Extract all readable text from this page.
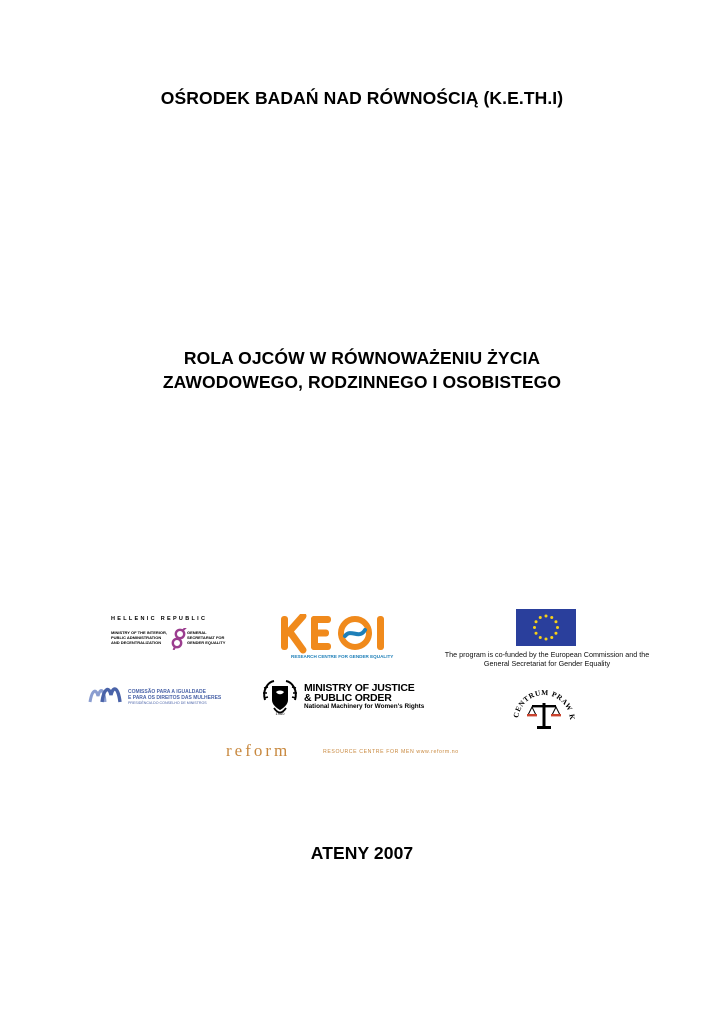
OŚRODEK BADAŃ NAD RÓWNOŚCIĄ (K.E.TH.I)
ROLA OJCÓW W RÓWNOWAŻENIU ŻYCIA
ZAWODOWEGO, RODZINNEGO I OSOBISTEGO
HELLENIC REPUBLIC
MINISTRY OF THE INTERIOR, PUBLIC ADMINISTRATION AND DECENTRALIZATION
GENERAL SECRETARIAT FOR GENDER EQUALITY
RESEARCH CENTRE FOR GENDER EQUALITY	The program is co-funded by the European Commission and the
General Secretariat for Gender Equality
COMISSÃO PARA A IGUALDADE
E PARA OS DIREITOS DAS MULHERES
PRESIDÊNCIA DO CONSELHO DE MINISTROS
1960
MINISTRY OF JUSTICE
& PUBLIC ORDER
National Machinery for Women's Rights
CENTRUM PRAW K
reform	RESOURCE CENTRE FOR MEN www.reform.no
ATENY 2007
